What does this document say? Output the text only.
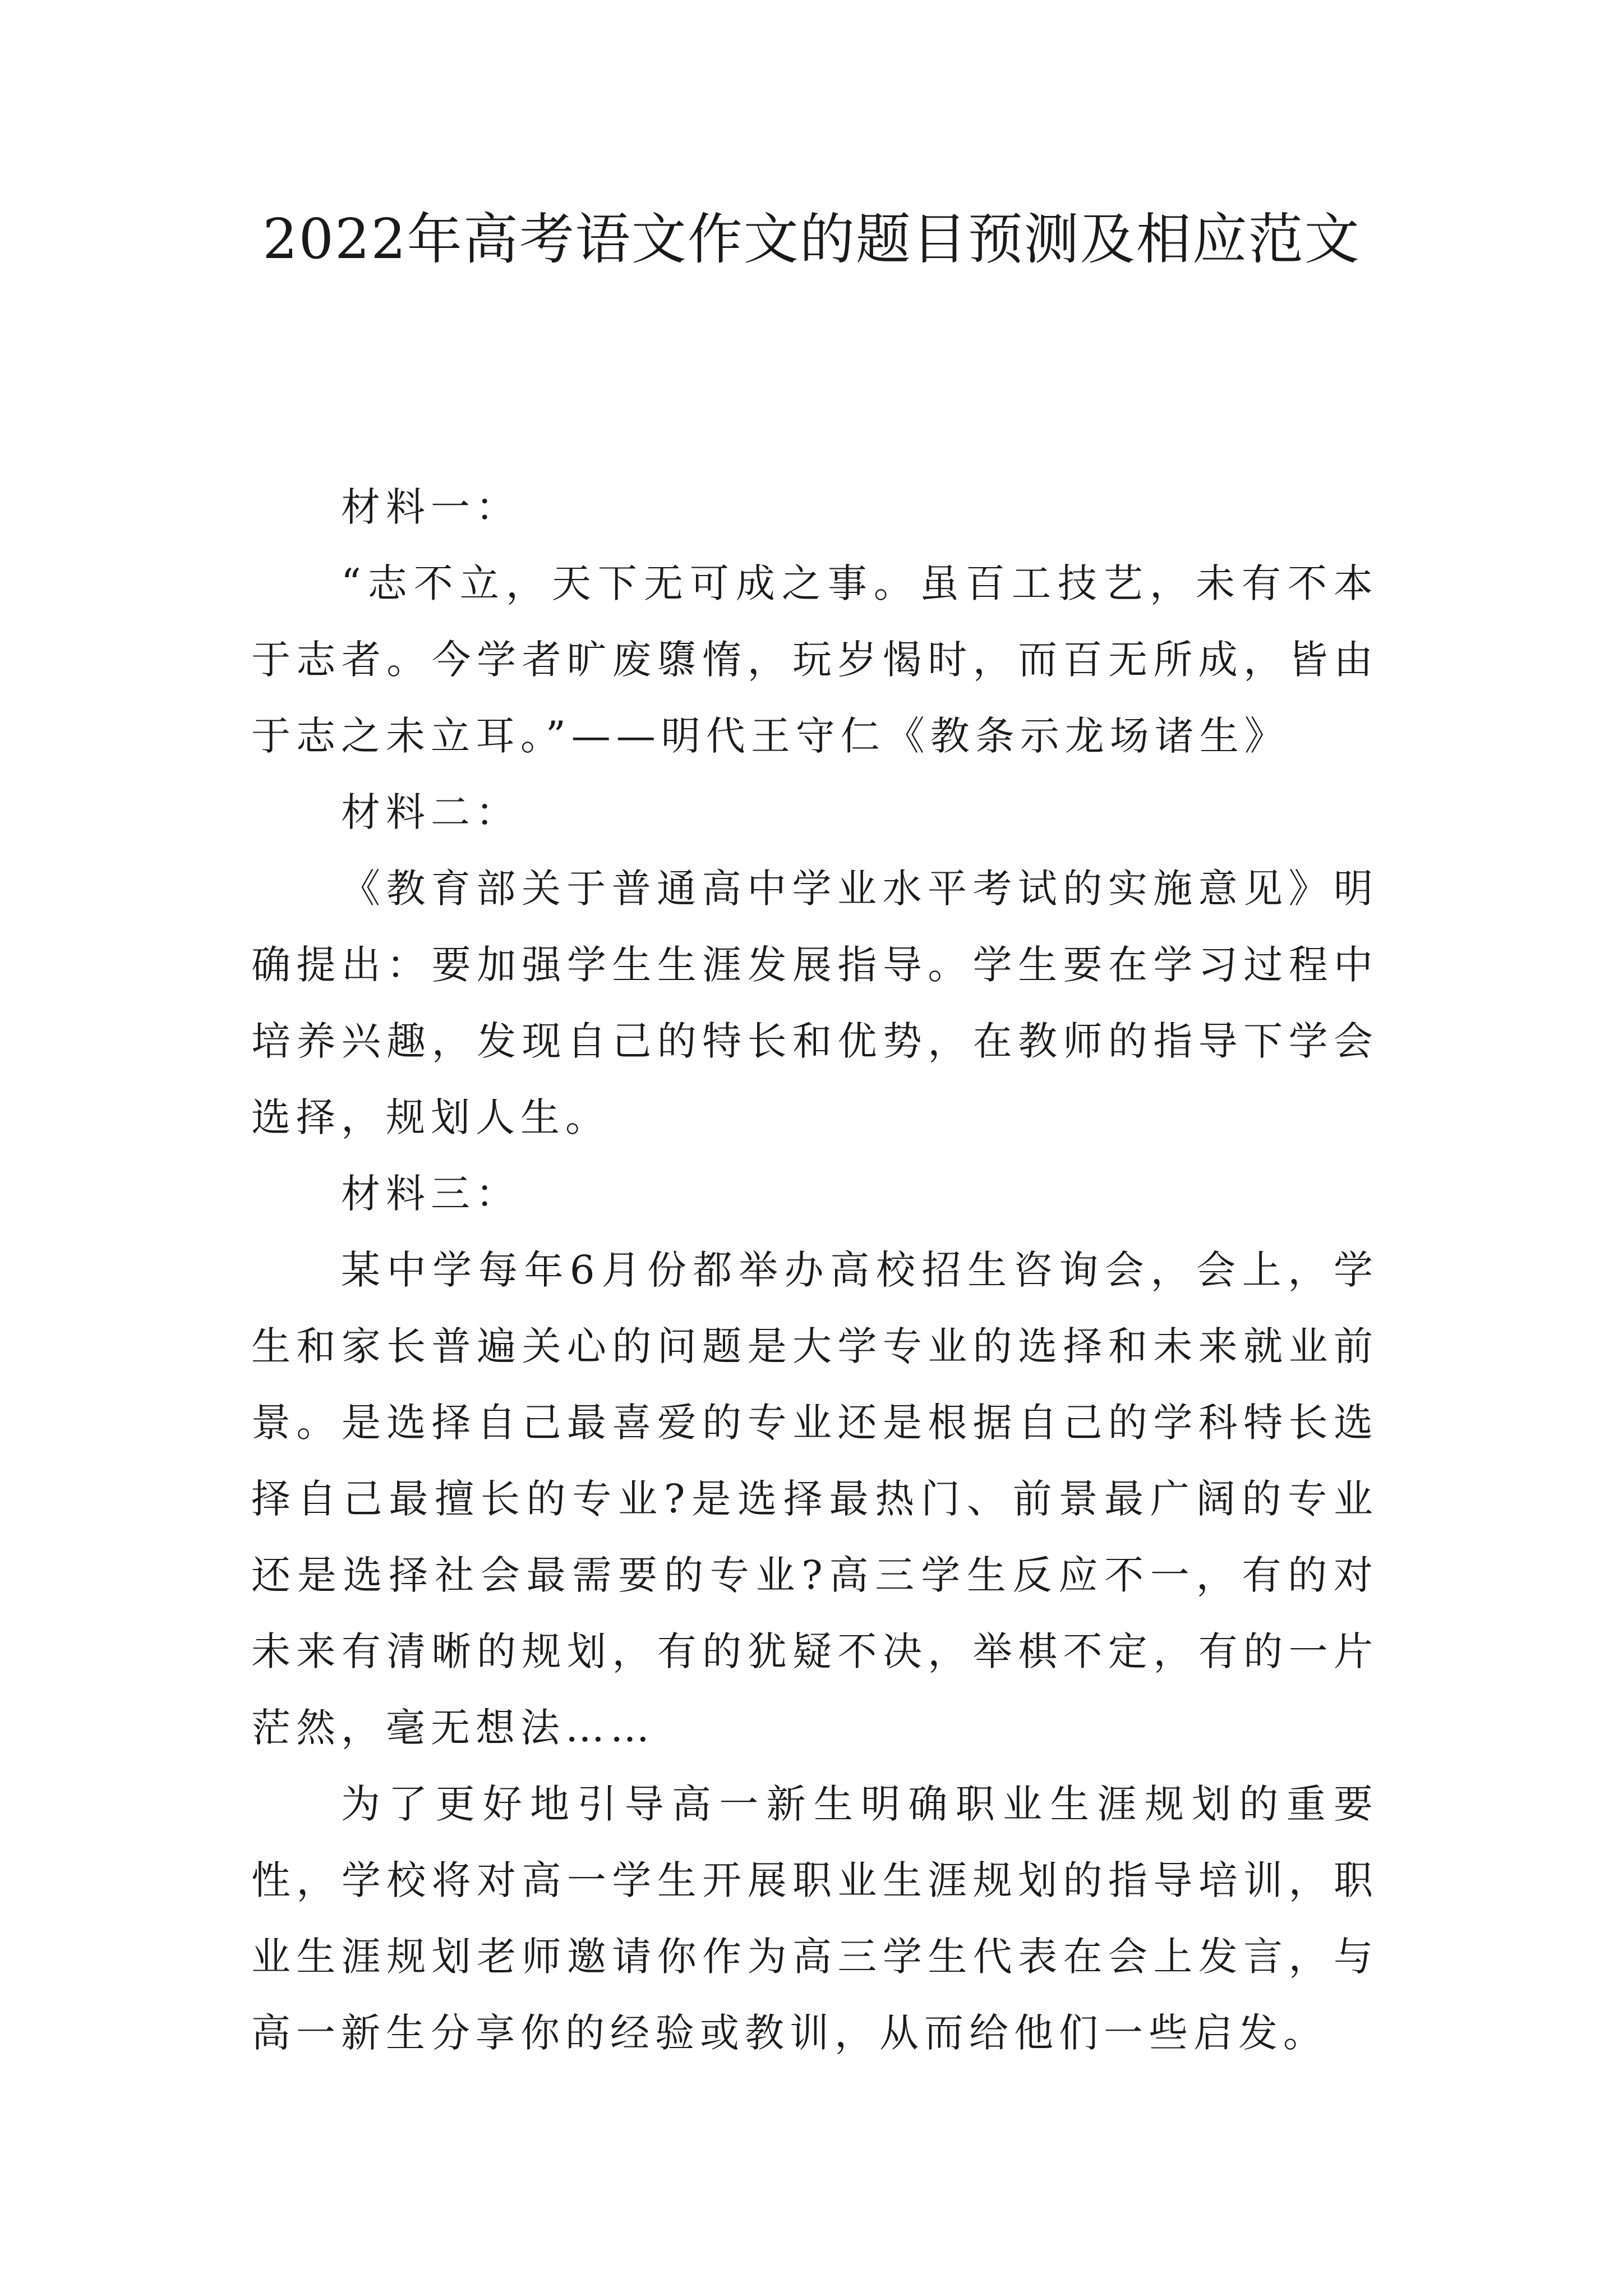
2022年高考语文作文的题目预测及相应范文

材料一：

“志不立，天下无可成之事。虽百工技艺，未有不本于志者。今学者旷废隳惰，玩岁愒时，而百无所成，皆由于志之未立耳。”——明代王守仁《教条示龙场诸生》

材料二：

《教育部关于普通高中学业水平考试的实施意见》明确提出：要加强学生生涯发展指导。学生要在学习过程中培养兴趣，发现自己的特长和优势，在教师的指导下学会选择，规划人生。

材料三：

某中学每年6月份都举办高校招生咨询会，会上，学生和家长普遍关心的问题是大学专业的选择和未来就业前景。是选择自己最喜爱的专业还是根据自己的学科特长选择自己最擅长的专业?是选择最热门、前景最广阔的专业还是选择社会最需要的专业?高三学生反应不一，有的对未来有清晰的规划，有的犹疑不决，举棋不定，有的一片茫然，毫无想法……

为了更好地引导高一新生明确职业生涯规划的重要性，学校将对高一学生开展职业生涯规划的指导培训，职业生涯规划老师邀请你作为高三学生代表在会上发言，与高一新生分享你的经验或教训，从而给他们一些启发。
